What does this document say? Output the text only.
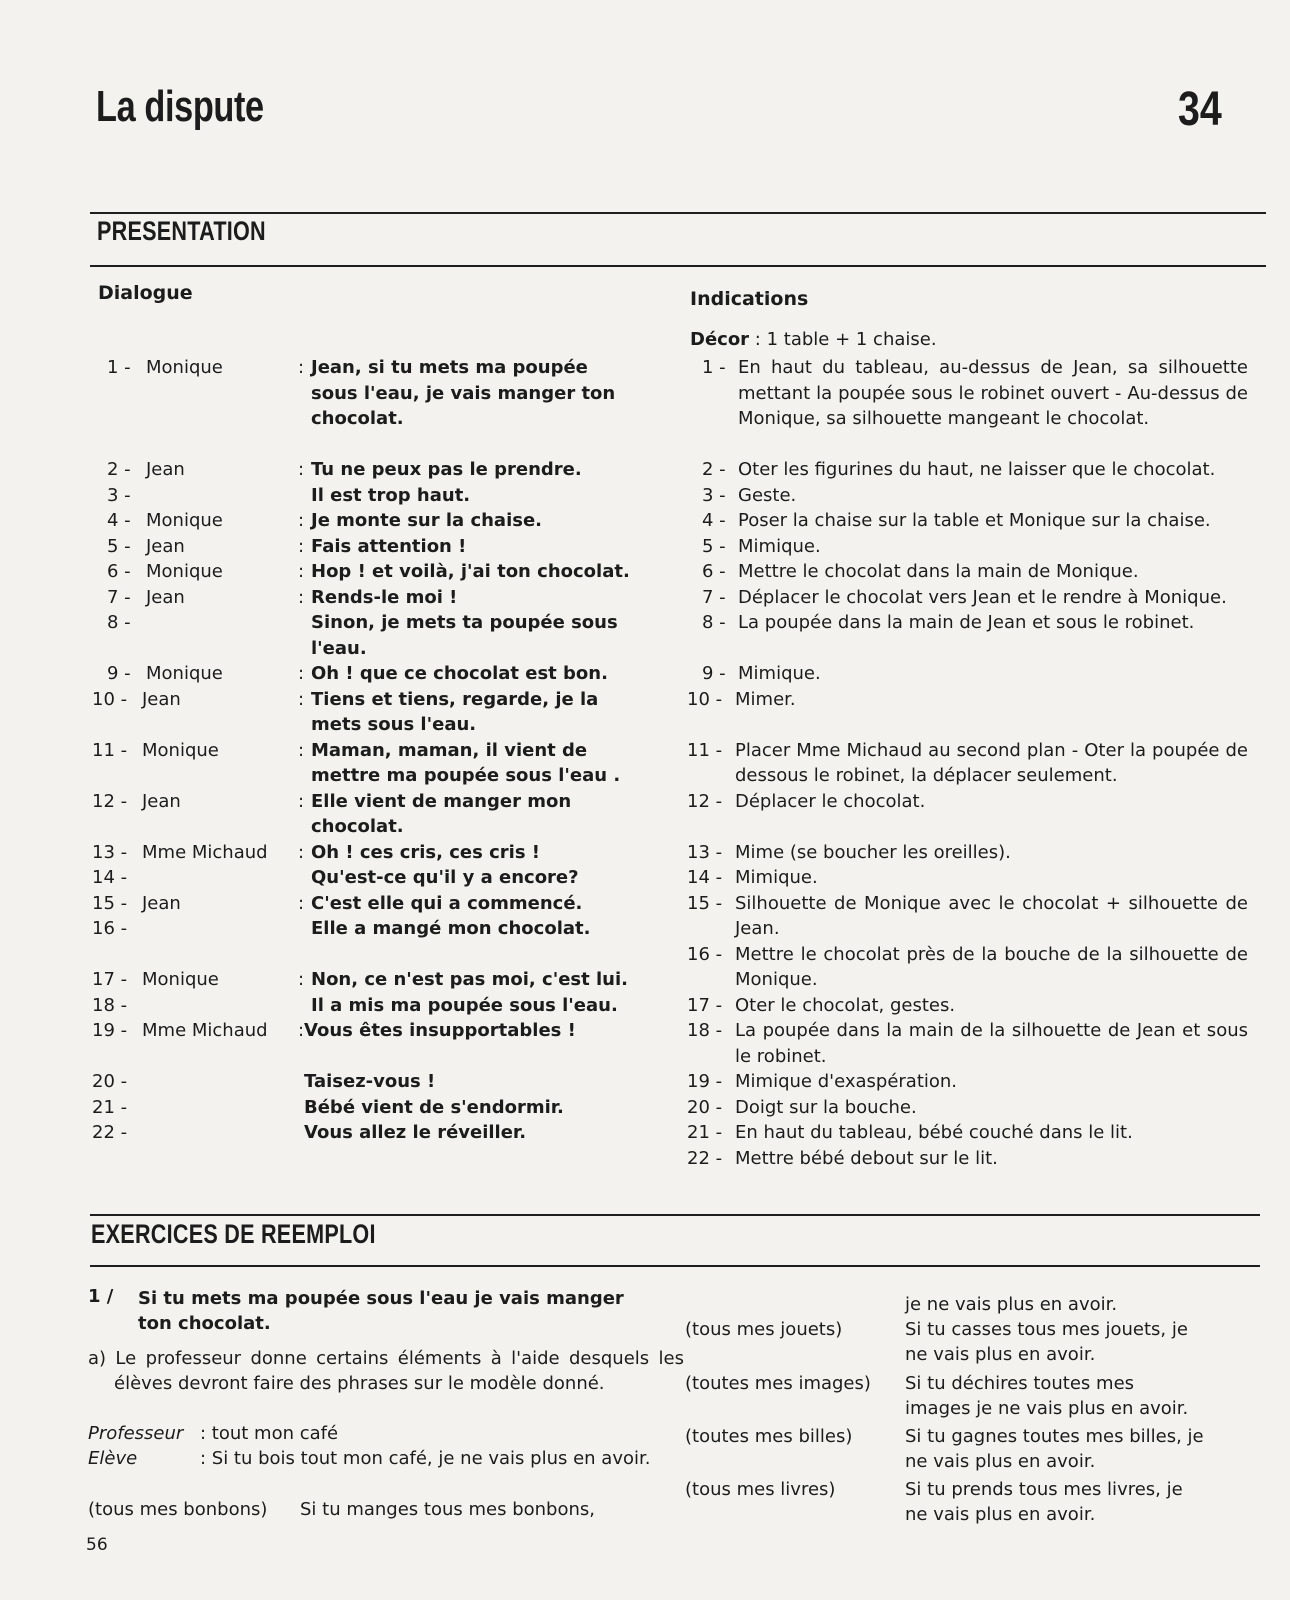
La dispute	34
PRESENTATION
Dialogue	Indications
Décor : 1 table + 1 chaise.
1 - Monique	: Jean, si tu mets ma poupée
sous l'eau, je vais manger ton
chocolat.
2 - Jean	: Tu ne peux pas le prendre.
3 -	Il est trop haut.
4 - Monique	: Je monte sur la chaise.
5 - Jean	: Fais attention !
6 - Monique	: Hop ! et voilà, j'ai ton chocolat.
7 - Jean	: Rends-le moi !
8 -	Sinon, je mets ta poupée sous
l'eau.
9 - Monique	: Oh ! que ce chocolat est bon.
10 - Jean	: Tiens et tiens, regarde, je la
mets sous l'eau.
11 - Monique	: Maman, maman, il vient de
mettre ma poupée sous l'eau .
12 - Jean	: Elle vient de manger mon
chocolat.
13 - Mme Michaud : Oh ! ces cris, ces cris !
14 -	Qu'est-ce qu'il y a encore?
15 - Jean	: C'est elle qui a commencé.
16 -	Elle a mangé mon chocolat.
17 - Monique	: Non, ce n'est pas moi, c'est lui.
18 -	Il a mis ma poupée sous l'eau.
19 - Mme Michaud : Vous êtes insupportables !
20 -	Taisez-vous !
21 -	Bébé vient de s'endormir.
22 -	Vous allez le réveiller.
1 - En haut du tableau, au-dessus de Jean, sa silhouette mettant la poupée sous le robinet ouvert - Au-dessus de Monique, sa silhouette mangeant le chocolat.
2 - Oter les figurines du haut, ne laisser que le chocolat.
3 - Geste.
4 - Poser la chaise sur la table et Monique sur la chaise.
5 - Mimique.
6 - Mettre le chocolat dans la main de Monique.
7 - Déplacer le chocolat vers Jean et le rendre à Monique.
8 - La poupée dans la main de Jean et sous le robinet.
9 - Mimique.
10 - Mimer.
11 - Placer Mme Michaud au second plan - Oter la poupée de dessous le robinet, la déplacer seulement.
12 - Déplacer le chocolat.
13 - Mime (se boucher les oreilles).
14 - Mimique.
15 - Silhouette de Monique avec le chocolat + silhouette de Jean.
16 - Mettre le chocolat près de la bouche de la silhouette de Monique.
17 - Oter le chocolat, gestes.
18 - La poupée dans la main de la silhouette de Jean et sous le robinet.
19 - Mimique d'exaspération.
20 - Doigt sur la bouche.
21 - En haut du tableau, bébé couché dans le lit.
22 - Mettre bébé debout sur le lit.
EXERCICES DE REEMPLOI
1 / Si tu mets ma poupée sous l'eau je vais manger ton chocolat.
a) Le professeur donne certains éléments à l'aide desquels les élèves devront faire des phrases sur le modèle donné.
Professeur : tout mon café
Elève	: Si tu bois tout mon café, je ne vais plus en avoir.
(tous mes bonbons) Si tu manges tous mes bonbons,
je ne vais plus en avoir.
(tous mes jouets)	Si tu casses tous mes jouets, je ne vais plus en avoir.
(toutes mes images) Si tu déchires toutes mes images je ne vais plus en avoir.
(toutes mes billes)	Si tu gagnes toutes mes billes, je ne vais plus en avoir.
(tous mes livres)	Si tu prends tous mes livres, je ne vais plus en avoir.
56
